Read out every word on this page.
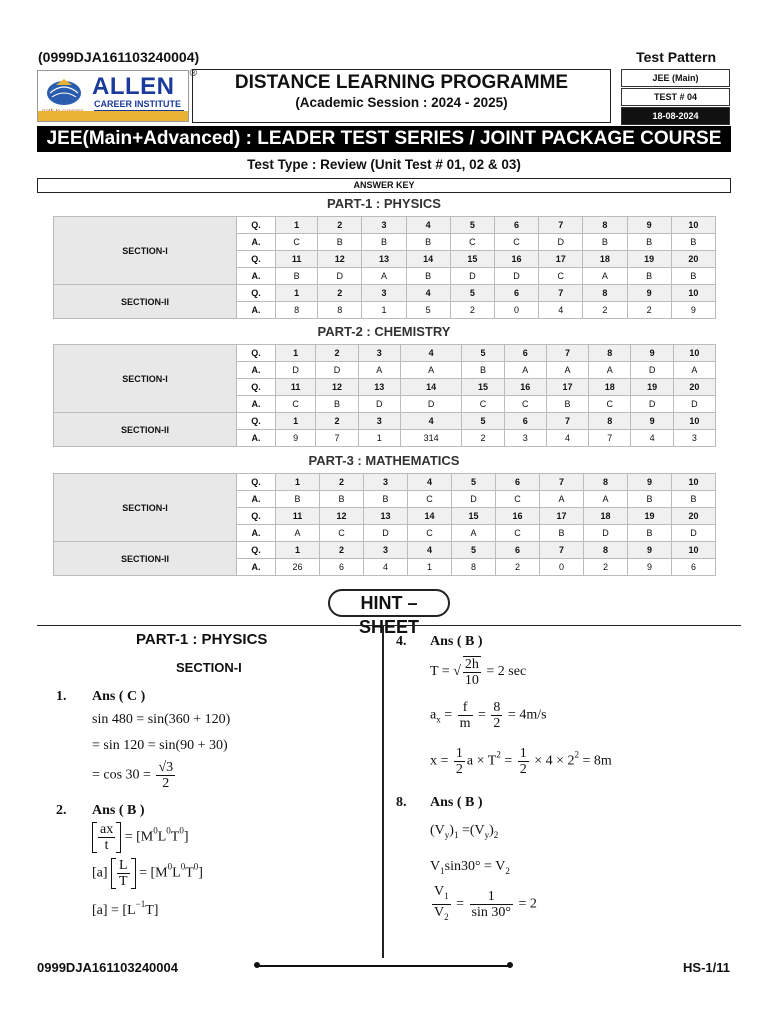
(0999DJA161103240004)	Test Pattern
ALLEN
CAREER INSTITUTE
®	DISTANCE LEARNING PROGRAMME
(Academic Session : 2024 - 2025)
JEE (Main)
TEST # 04
18-08-2024
JEE(Main+Advanced) : LEADER TEST SERIES / JOINT PACKAGE COURSE
Test Type : Review (Unit Test # 01, 02 & 03)
ANSWER KEY
PART-1 : PHYSICS
SECTION-I	Q.	1	2	3	4	5	6	7	8	9	10
	A.	C	B	B	B	C	C	D	B	B	B
	Q.	11	12	13	14	15	16	17	18	19	20
	A.	B	D	A	B	D	D	C	A	B	B
SECTION-II	Q.	1	2	3	4	5	6	7	8	9	10
	A.	8	8	1	5	2	0	4	2	2	9
PART-2 : CHEMISTRY
SECTION-I	Q.	1	2	3	4	5	6	7	8	9	10
	A.	D	D	A	A	B	A	A	A	D	A
	Q.	11	12	13	14	15	16	17	18	19	20
	A.	C	B	D	D	C	C	B	C	D	D
SECTION-II	Q.	1	2	3	4	5	6	7	8	9	10
	A.	9	7	1	314	2	3	4	7	4	3
PART-3 : MATHEMATICS
SECTION-I	Q.	1	2	3	4	5	6	7	8	9	10
	A.	B	B	B	C	D	C	A	A	B	B
	Q.	11	12	13	14	15	16	17	18	19	20
	A.	A	C	D	C	A	C	B	D	B	D
SECTION-II	Q.	1	2	3	4	5	6	7	8	9	10
	A.	26	6	4	1	8	2	0	2	9	6
HINT – SHEET
PART-1 : PHYSICS
SECTION-I
1. Ans ( C )
sin 480 = sin(360 + 120)
= sin 120 = sin(90 + 30)
= $\cos 30 = \frac{√3}{2}$
2. Ans ( B )
$\frac{ax}{t} = [M^0L^0T^0]$
$[a] \frac{L}{T} = [M^0L^0T^0]$
$[a] = [L^{-1}T]$
4. Ans ( B )
T = √ $\frac{2h}{10} = 2$ sec
$a_x = \frac{f}{m} = \frac{8}{2} = 4m/s$
$x = \frac{1}{2}$ $a \times T^2 = \frac{1}{2} \times 4 \times 2^2 = 8m$
8. Ans ( B )
$(V_y)_1 =(V_y)_2$
$V_1\sin 30^\circ = V_2$
$\frac{V_1}{V_2} = \frac{1}{\sin 30^\circ} = 2$
0999DJA161103240004	HS-1/11
